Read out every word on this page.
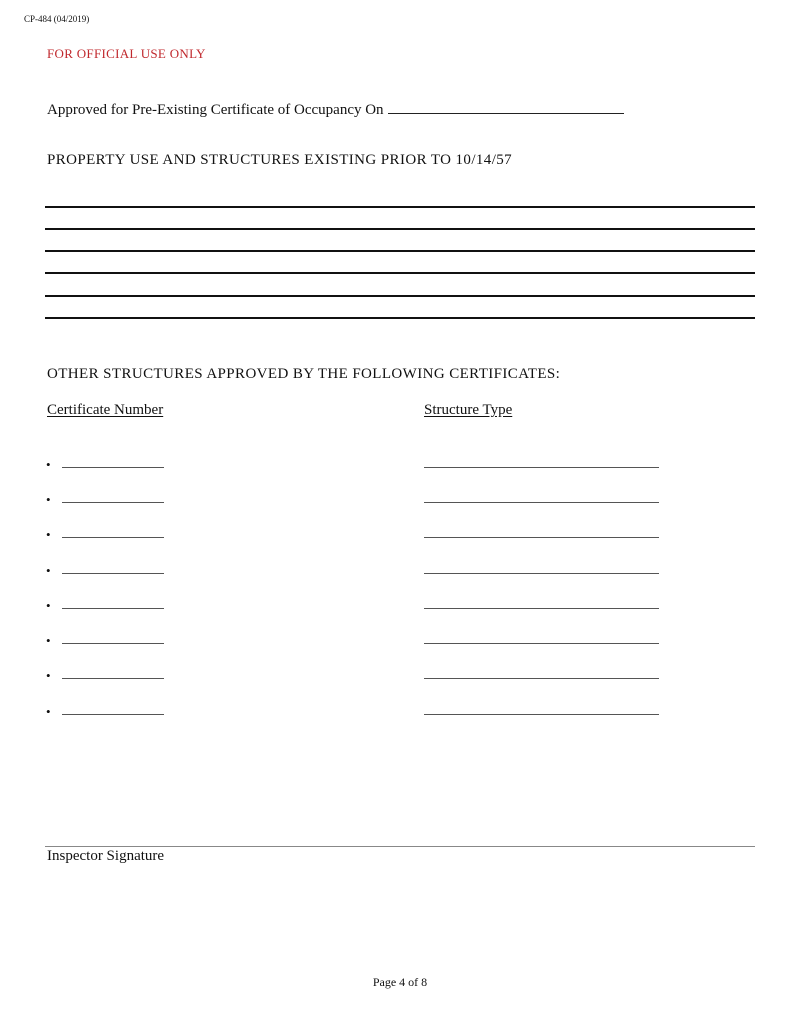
CP-484 (04/2019)
FOR OFFICIAL USE ONLY
Approved for Pre-Existing Certificate of Occupancy On
PROPERTY USE AND STRUCTURES EXISTING PRIOR TO 10/14/57
OTHER STRUCTURES APPROVED BY THE FOLLOWING CERTIFICATES:
Certificate Number	Structure Type
•
•
•
•
•
•
•
•
Inspector Signature
Page 4 of 8
